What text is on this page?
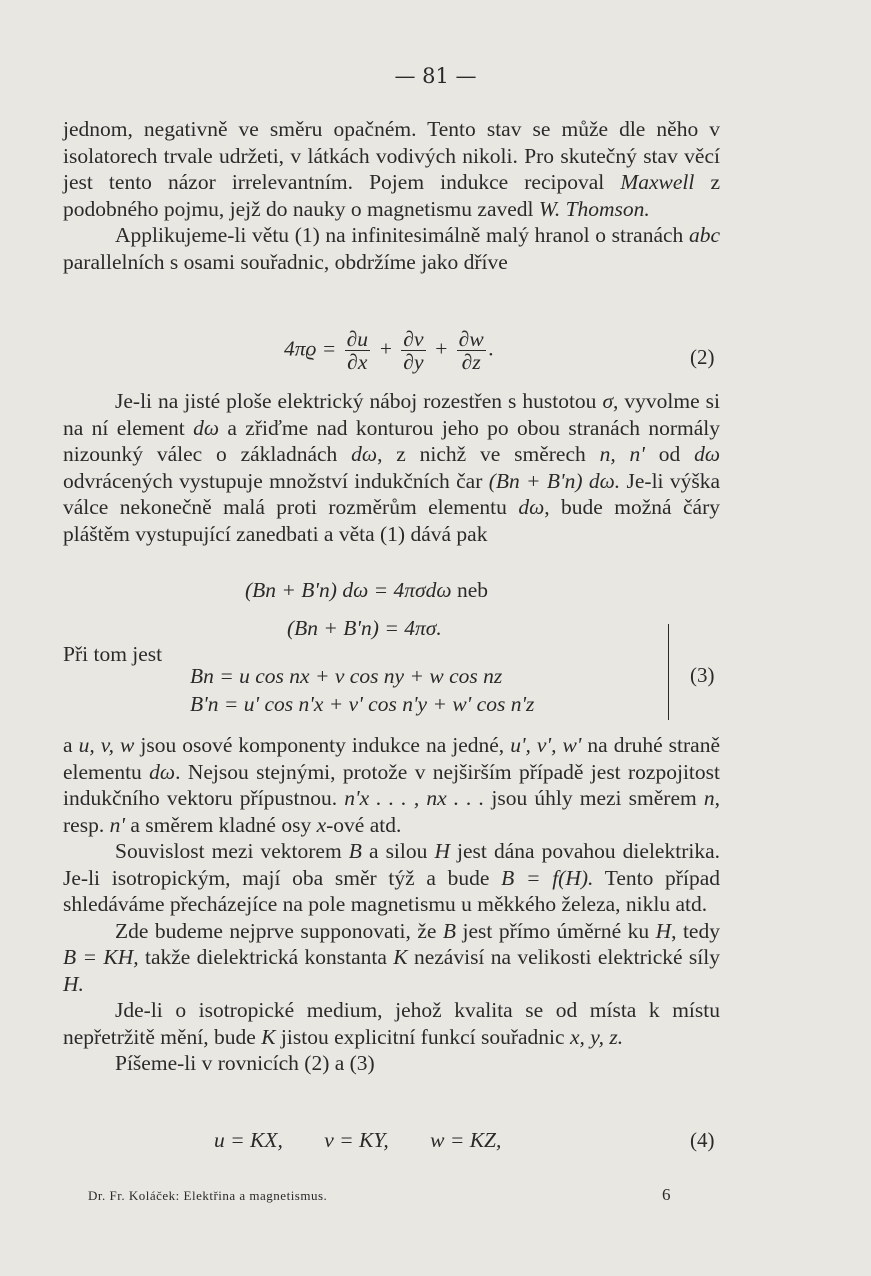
— 81 —

jednom, negativně ve směru opačném. Tento stav se může dle něho v isolatorech trvale udržeti, v látkách vodivých nikoli. Pro skutečný stav věcí jest tento názor irrelevantním. Pojem indukce recipoval Maxwell z podobného pojmu, jejž do nauky o magnetismu zavedl W. Thomson.

Applikujeme-li větu (1) na infinitesimálně malý hranol o stranách abc parallelních s osami souřadnic, obdržíme jako dříve

$4\pi ϱ = \frac{\partial u}{\partial x} + \frac{\partial v}{\partial y} + \frac{\partial w}{\partial z}$ .	(2)

Je-li na jisté ploše elektrický náboj rozestřen s hustotou σ, vyvolme si na ní element dω a zřiďme nad konturou jeho po obou stranách normály nizounký válec o základnách dω, z nichž ve směrech n, n' od dω odvrácených vystupuje množství indukčních čar (Bn + B'n) dω. Je-li výška válce nekonečně malá proti rozměrům elementu dω, bude možná čáry pláštěm vystupující zanedbati a věta (1) dává pak

(Bn + B'n) dω = 4πσdω neb
(Bn + B'n) = 4πσ.

Při tom jest

Bn = u cos nx + v cos ny + w cos nz
B'n = u' cos n'x + v' cos n'y + w' cos n'z
(3)

a u, v, w jsou osové komponenty indukce na jedné, u', v', w' na druhé straně elementu dω. Nejsou stejnými, protože v nejširším případě jest rozpojitost indukčního vektoru přípustnou. n'x . . . , nx . . . jsou úhly mezi směrem n, resp. n' a směrem kladné osy x-ové atd.

Souvislost mezi vektorem B a silou H jest dána povahou dielektrika. Je-li isotropickým, mají oba směr týž a bude B = f(H). Tento případ shledáváme přecházejíce na pole magnetismu u měkkého železa, niklu atd.

Zde budeme nejprve supponovati, že B jest přímo úměrné ku H, tedy B = KH, takže dielektrická konstanta K nezávisí na velikosti elektrické síly H.

Jde-li o isotropické medium, jehož kvalita se od místa k místu nepřetržitě mění, bude K jistou explicitní funkcí souřadnic x, y, z.

Píšeme-li v rovnicích (2) a (3)

u = KX, v = KY, w = KZ,	(4)
Dr. Fr. Koláček: Elektřina a magnetismus.	6
